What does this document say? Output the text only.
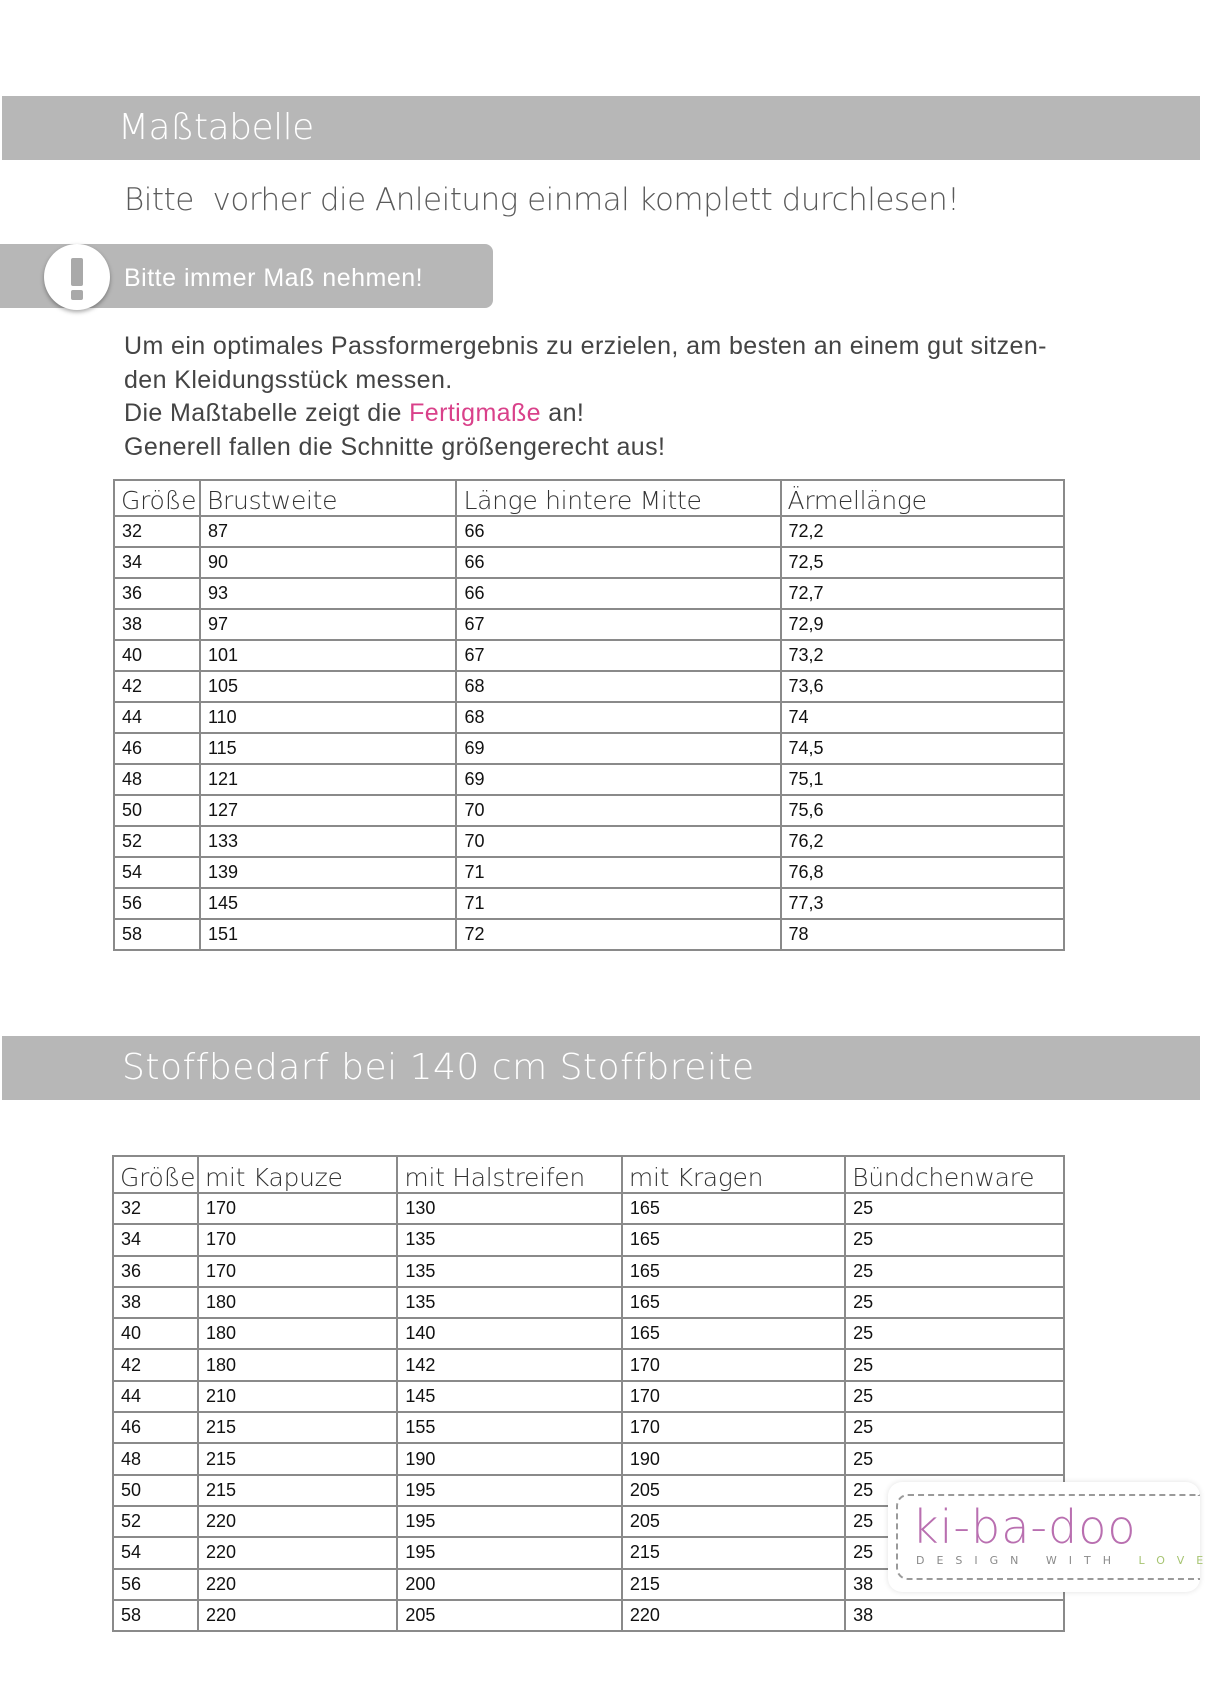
Maßtabelle
Bitte  vorher die Anleitung einmal komplett durchlesen!
Bitte immer Maß nehmen!

Um ein optimales Passformergebnis zu erzielen, am besten an einem gut sitzen-

den Kleidungsstück messen.

Die Maßtabelle zeigt die Fertigmaße an!

Generell fallen die Schnitte größengerecht aus!

Größe	Brustweite	Länge hintere Mitte	Ärmellänge
32	87	66	72,2
34	90	66	72,5
36	93	66	72,7
38	97	67	72,9
40	101	67	73,2
42	105	68	73,6
44	110	68	74
46	115	69	74,5
48	121	69	75,1
50	127	70	75,6
52	133	70	76,2
54	139	71	76,8
56	145	71	77,3
58	151	72	78
Stoffbedarf bei 140 cm Stoffbreite
Größe	mit Kapuze	mit Halstreifen	mit Kragen	Bündchenware
32	170	130	165	25
34	170	135	165	25
36	170	135	165	25
38	180	135	165	25
40	180	140	165	25
42	180	142	170	25
44	210	145	170	25
46	215	155	170	25
48	215	190	190	25
50	215	195	205	25
52	220	195	205	25
54	220	195	215	25
56	220	200	215	38
58	220	205	220	38
ki-ba-doo
DESIGN WITH LOVE
